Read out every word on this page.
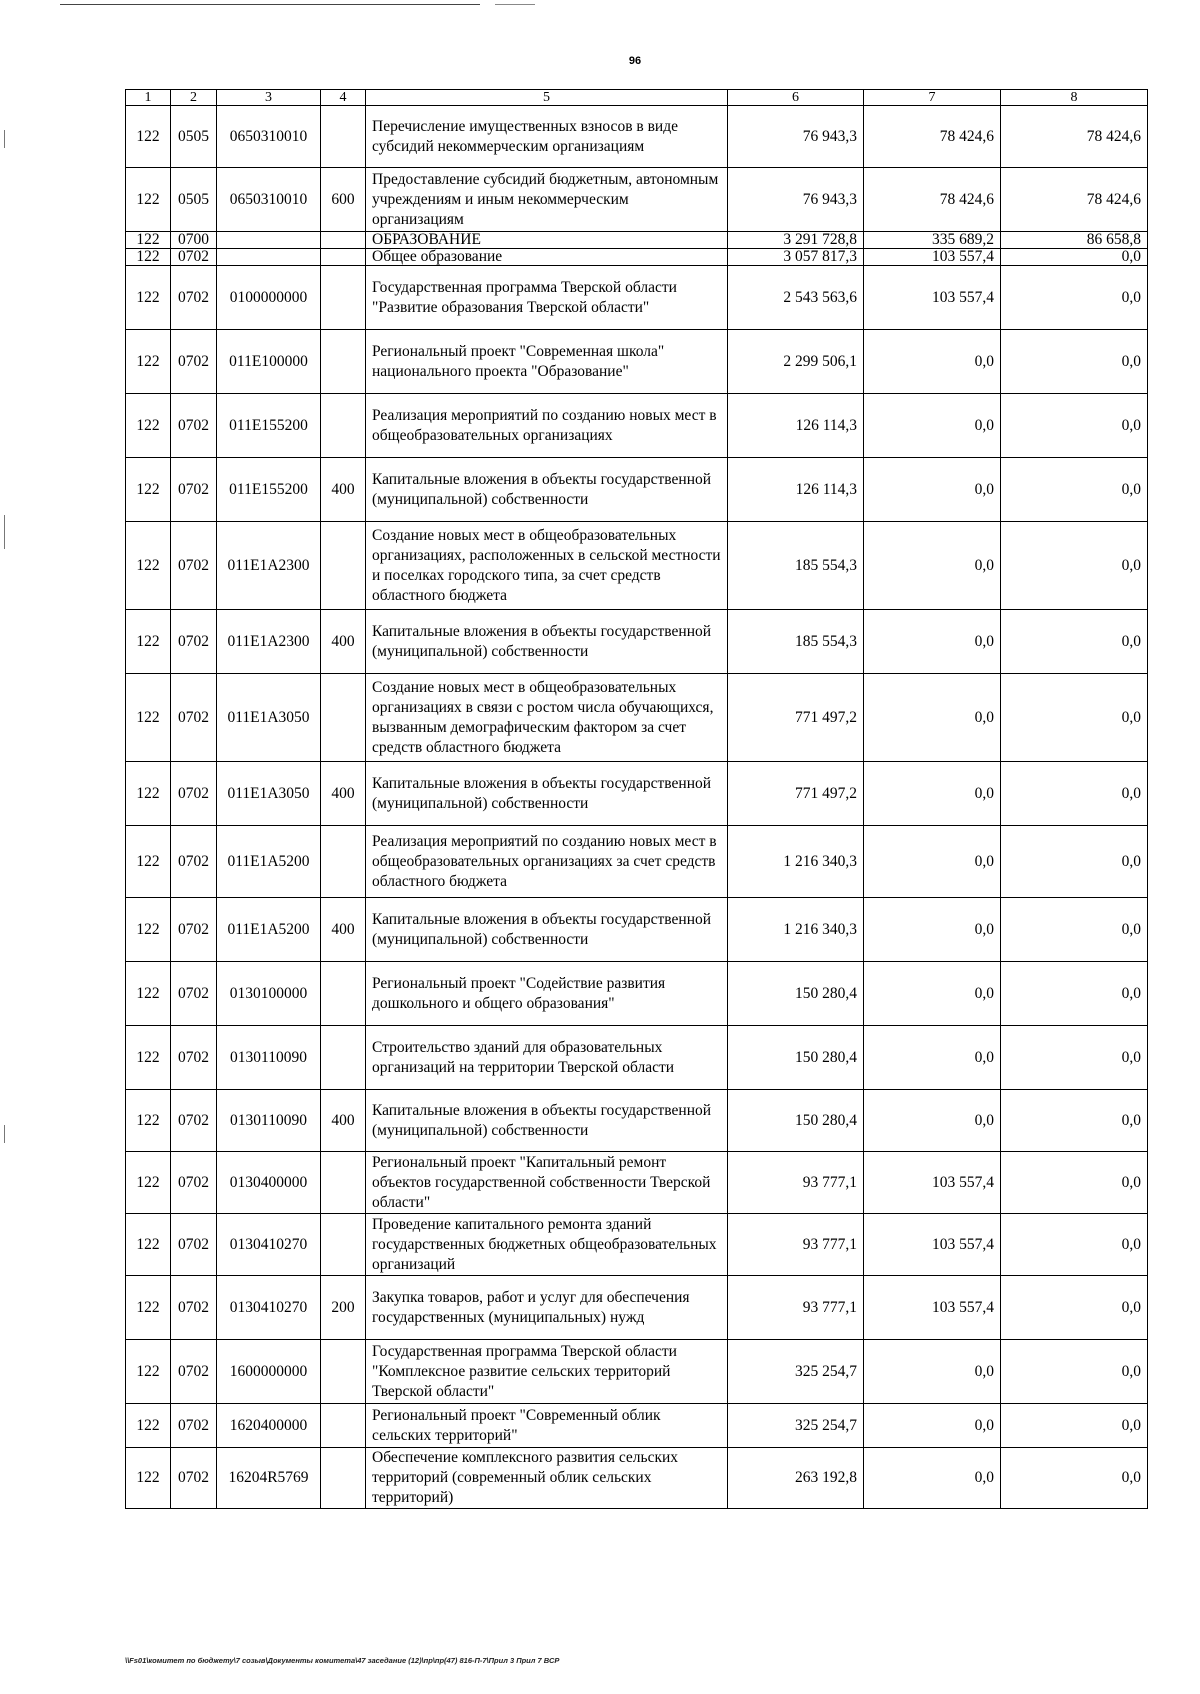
96
1	2	3	4	5	6	7	8
122	0505	0650310010		Перечисление имущественных взносов в виде субсидий некоммерческим организациям	76 943,3	78 424,6	78 424,6
122	0505	0650310010	600	Предоставление субсидий бюджетным, автономным учреждениям и иным некоммерческим организациям	76 943,3	78 424,6	78 424,6
122	0700			ОБРАЗОВАНИЕ	3 291 728,8	335 689,2	86 658,8
122	0702			Общее образование	3 057 817,3	103 557,4	0,0
122	0702	0100000000		Государственная программа Тверской области "Развитие образования Тверской области"	2 543 563,6	103 557,4	0,0
122	0702	011E100000		Региональный проект "Современная школа" национального проекта "Образование"	2 299 506,1	0,0	0,0
122	0702	011E155200		Реализация мероприятий по созданию новых мест в общеобразовательных организациях	126 114,3	0,0	0,0
122	0702	011E155200	400	Капитальные вложения в объекты государственной (муниципальной) собственности	126 114,3	0,0	0,0
122	0702	011E1A2300		Создание новых мест в общеобразовательных организациях, расположенных в сельской местности и поселках городского типа, за счет средств областного бюджета	185 554,3	0,0	0,0
122	0702	011E1A2300	400	Капитальные вложения в объекты государственной (муниципальной) собственности	185 554,3	0,0	0,0
122	0702	011E1A3050		Создание новых мест в общеобразовательных организациях в связи с ростом числа обучающихся, вызванным демографическим фактором за счет средств областного бюджета	771 497,2	0,0	0,0
122	0702	011E1A3050	400	Капитальные вложения в объекты государственной (муниципальной) собственности	771 497,2	0,0	0,0
122	0702	011E1A5200		Реализация мероприятий по созданию новых мест в общеобразовательных организациях за счет средств областного бюджета	1 216 340,3	0,0	0,0
122	0702	011E1A5200	400	Капитальные вложения в объекты государственной (муниципальной) собственности	1 216 340,3	0,0	0,0
122	0702	0130100000		Региональный проект "Содействие развития дошкольного и общего образования"	150 280,4	0,0	0,0
122	0702	0130110090		Строительство зданий для образовательных организаций на территории Тверской области	150 280,4	0,0	0,0
122	0702	0130110090	400	Капитальные вложения в объекты государственной (муниципальной) собственности	150 280,4	0,0	0,0
122	0702	0130400000		Региональный проект "Капитальный ремонт объектов государственной собственности Тверской области"	93 777,1	103 557,4	0,0
122	0702	0130410270		Проведение капитального ремонта зданий государственных бюджетных общеобразовательных организаций	93 777,1	103 557,4	0,0
122	0702	0130410270	200	Закупка товаров, работ и услуг для обеспечения государственных (муниципальных) нужд	93 777,1	103 557,4	0,0
122	0702	1600000000		Государственная программа Тверской области "Комплексное развитие сельских территорий Тверской области"	325 254,7	0,0	0,0
122	0702	1620400000		Региональный проект "Современный облик сельских территорий"	325 254,7	0,0	0,0
122	0702	16204R5769		Обеспечение комплексного развития сельских территорий (современный облик сельских территорий)	263 192,8	0,0	0,0
\\Fs01\комитет по бюджету\7 созыв\Документы комитета\47 заседание (12)\пр\пр(47) 816-П-7\Прил 3 Прил 7 ВСР
